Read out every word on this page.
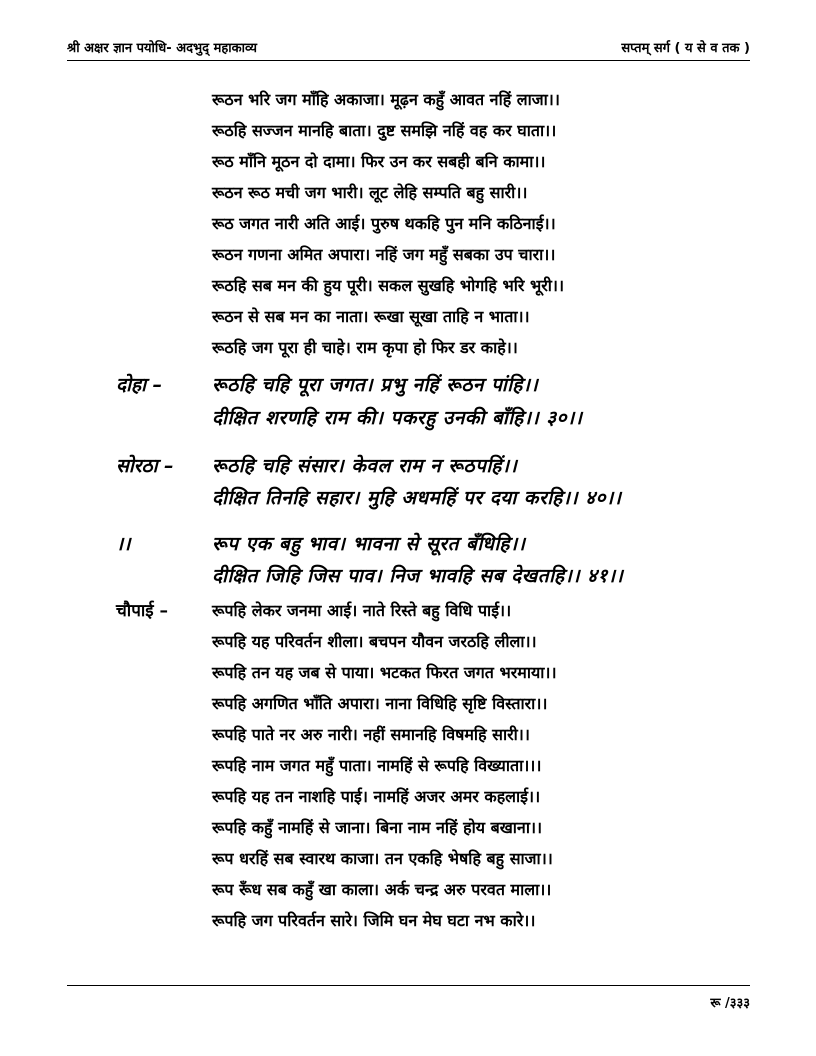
श्री अक्षर ज्ञान पयोधि- अदभुद् महाकाव्य	सप्तम् सर्ग ( य से व तक )
रूठन भरि जग माँहि अकाजा। मूढ़न कहुँ आवत नहिं लाजा।।
रूठहि सज्जन मानहि बाता। दुष्ट समझि नहिं वह कर घाता।।
रूठ माँनि मूठन दो दामा। फिर उन कर सबही बनि कामा।।
रूठन रूठ मची जग भारी। लूट लेहि सम्पति बहु सारी।।
रूठ जगत नारी अति आई। पुरुष थकहि पुन मनि कठिनाई।।
रूठन गणना अमित अपारा। नहिं जग महुँ सबका उप चारा।।
रूठहि सब मन की हुय पूरी। सकल सुखहि भोगहि भरि भूरी।।
रूठन से सब मन का नाता। रूखा सूखा ताहि न भाता।।
रूठहि जग पूरा ही चाहे। राम कृपा हो फिर डर काहे।।
दोहा –	रूठहि चहि पूरा जगत। प्रभु नहिं रूठन पांहि।।
दीक्षित शरणहि राम की। पकरहु उनकी बाँहि।। ३०।।
सोरठा – रूठहि चहि संसार। केवल राम न रूठपहिं।।
दीक्षित तिनहि सहार। मुहि अधमहिं पर दया करहि।। ४०।।
।।	रूप एक बहु भाव। भावना से सूरत बँधिहि।।
दीक्षित जिहि जिस पाव। निज भावहि सब देखतहि।। ४१।।
चौपाई –	रूपहि लेकर जनमा आई। नाते रिस्ते बहु विधि पाई।।
रूपहि यह परिवर्तन शीला। बचपन यौवन जरठहि लीला।।
रूपहि तन यह जब से पाया। भटकत फिरत जगत भरमाया।।
रूपहि अगणित भाँति अपारा। नाना विधिहि सृष्टि विस्तारा।।
रूपहि पाते नर अरु नारी। नहीं समानहि विषमहि सारी।।
रूपहि नाम जगत महुँ पाता। नामहिं से रूपहि विख्याता।।।
रूपहि यह तन नाशहि पाई। नामहिं अजर अमर कहलाई।।
रूपहि कहुँ नामहिं से जाना। बिना नाम नहिं होय बखाना।।
रूप धरहिं सब स्वारथ काजा। तन एकहि भेषहि बहु साजा।।
रूप रूँध सब कहुँ खा काला। अर्क चन्द्र अरु परवत माला।।
रूपहि जग परिवर्तन सारे। जिमि घन मेघ घटा नभ कारे।।
रू /३३३
